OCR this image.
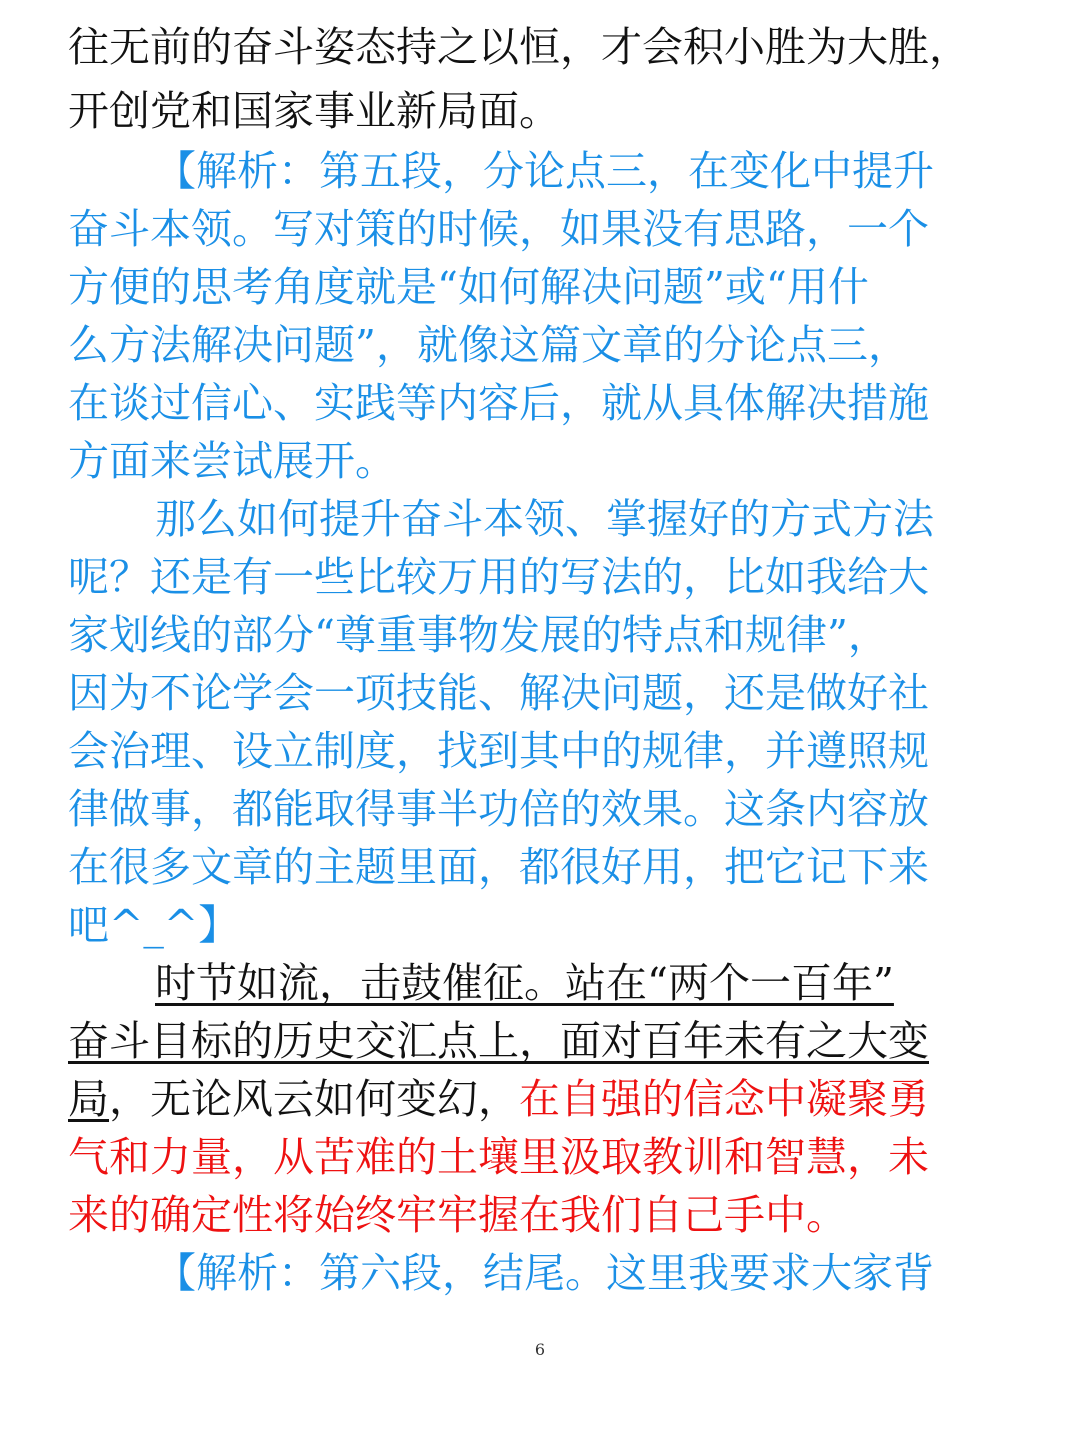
往无前的奋斗姿态持之以恒，才会积小胜为大胜，
开创党和国家事业新局面。
【解析：第五段，分论点三，在变化中提升
奋斗本领。写对策的时候，如果没有思路，一个
方便的思考角度就是“如何解决问题”或“用什
么方法解决问题”，就像这篇文章的分论点三，
在谈过信心、实践等内容后，就从具体解决措施
方面来尝试展开。
那么如何提升奋斗本领、掌握好的方式方法
呢？还是有一些比较万用的写法的，比如我给大
家划线的部分“尊重事物发展的特点和规律”，
因为不论学会一项技能、解决问题，还是做好社
会治理、设立制度，找到其中的规律，并遵照规
律做事，都能取得事半功倍的效果。这条内容放
在很多文章的主题里面，都很好用，把它记下来
吧^_^】
时节如流，击鼓催征。站在“两个一百年”
奋斗目标的历史交汇点上，面对百年未有之大变
局，无论风云如何变幻，在自强的信念中凝聚勇
气和力量，从苦难的土壤里汲取教训和智慧，未
来的确定性将始终牢牢握在我们自己手中。
【解析：第六段，结尾。这里我要求大家背
6
